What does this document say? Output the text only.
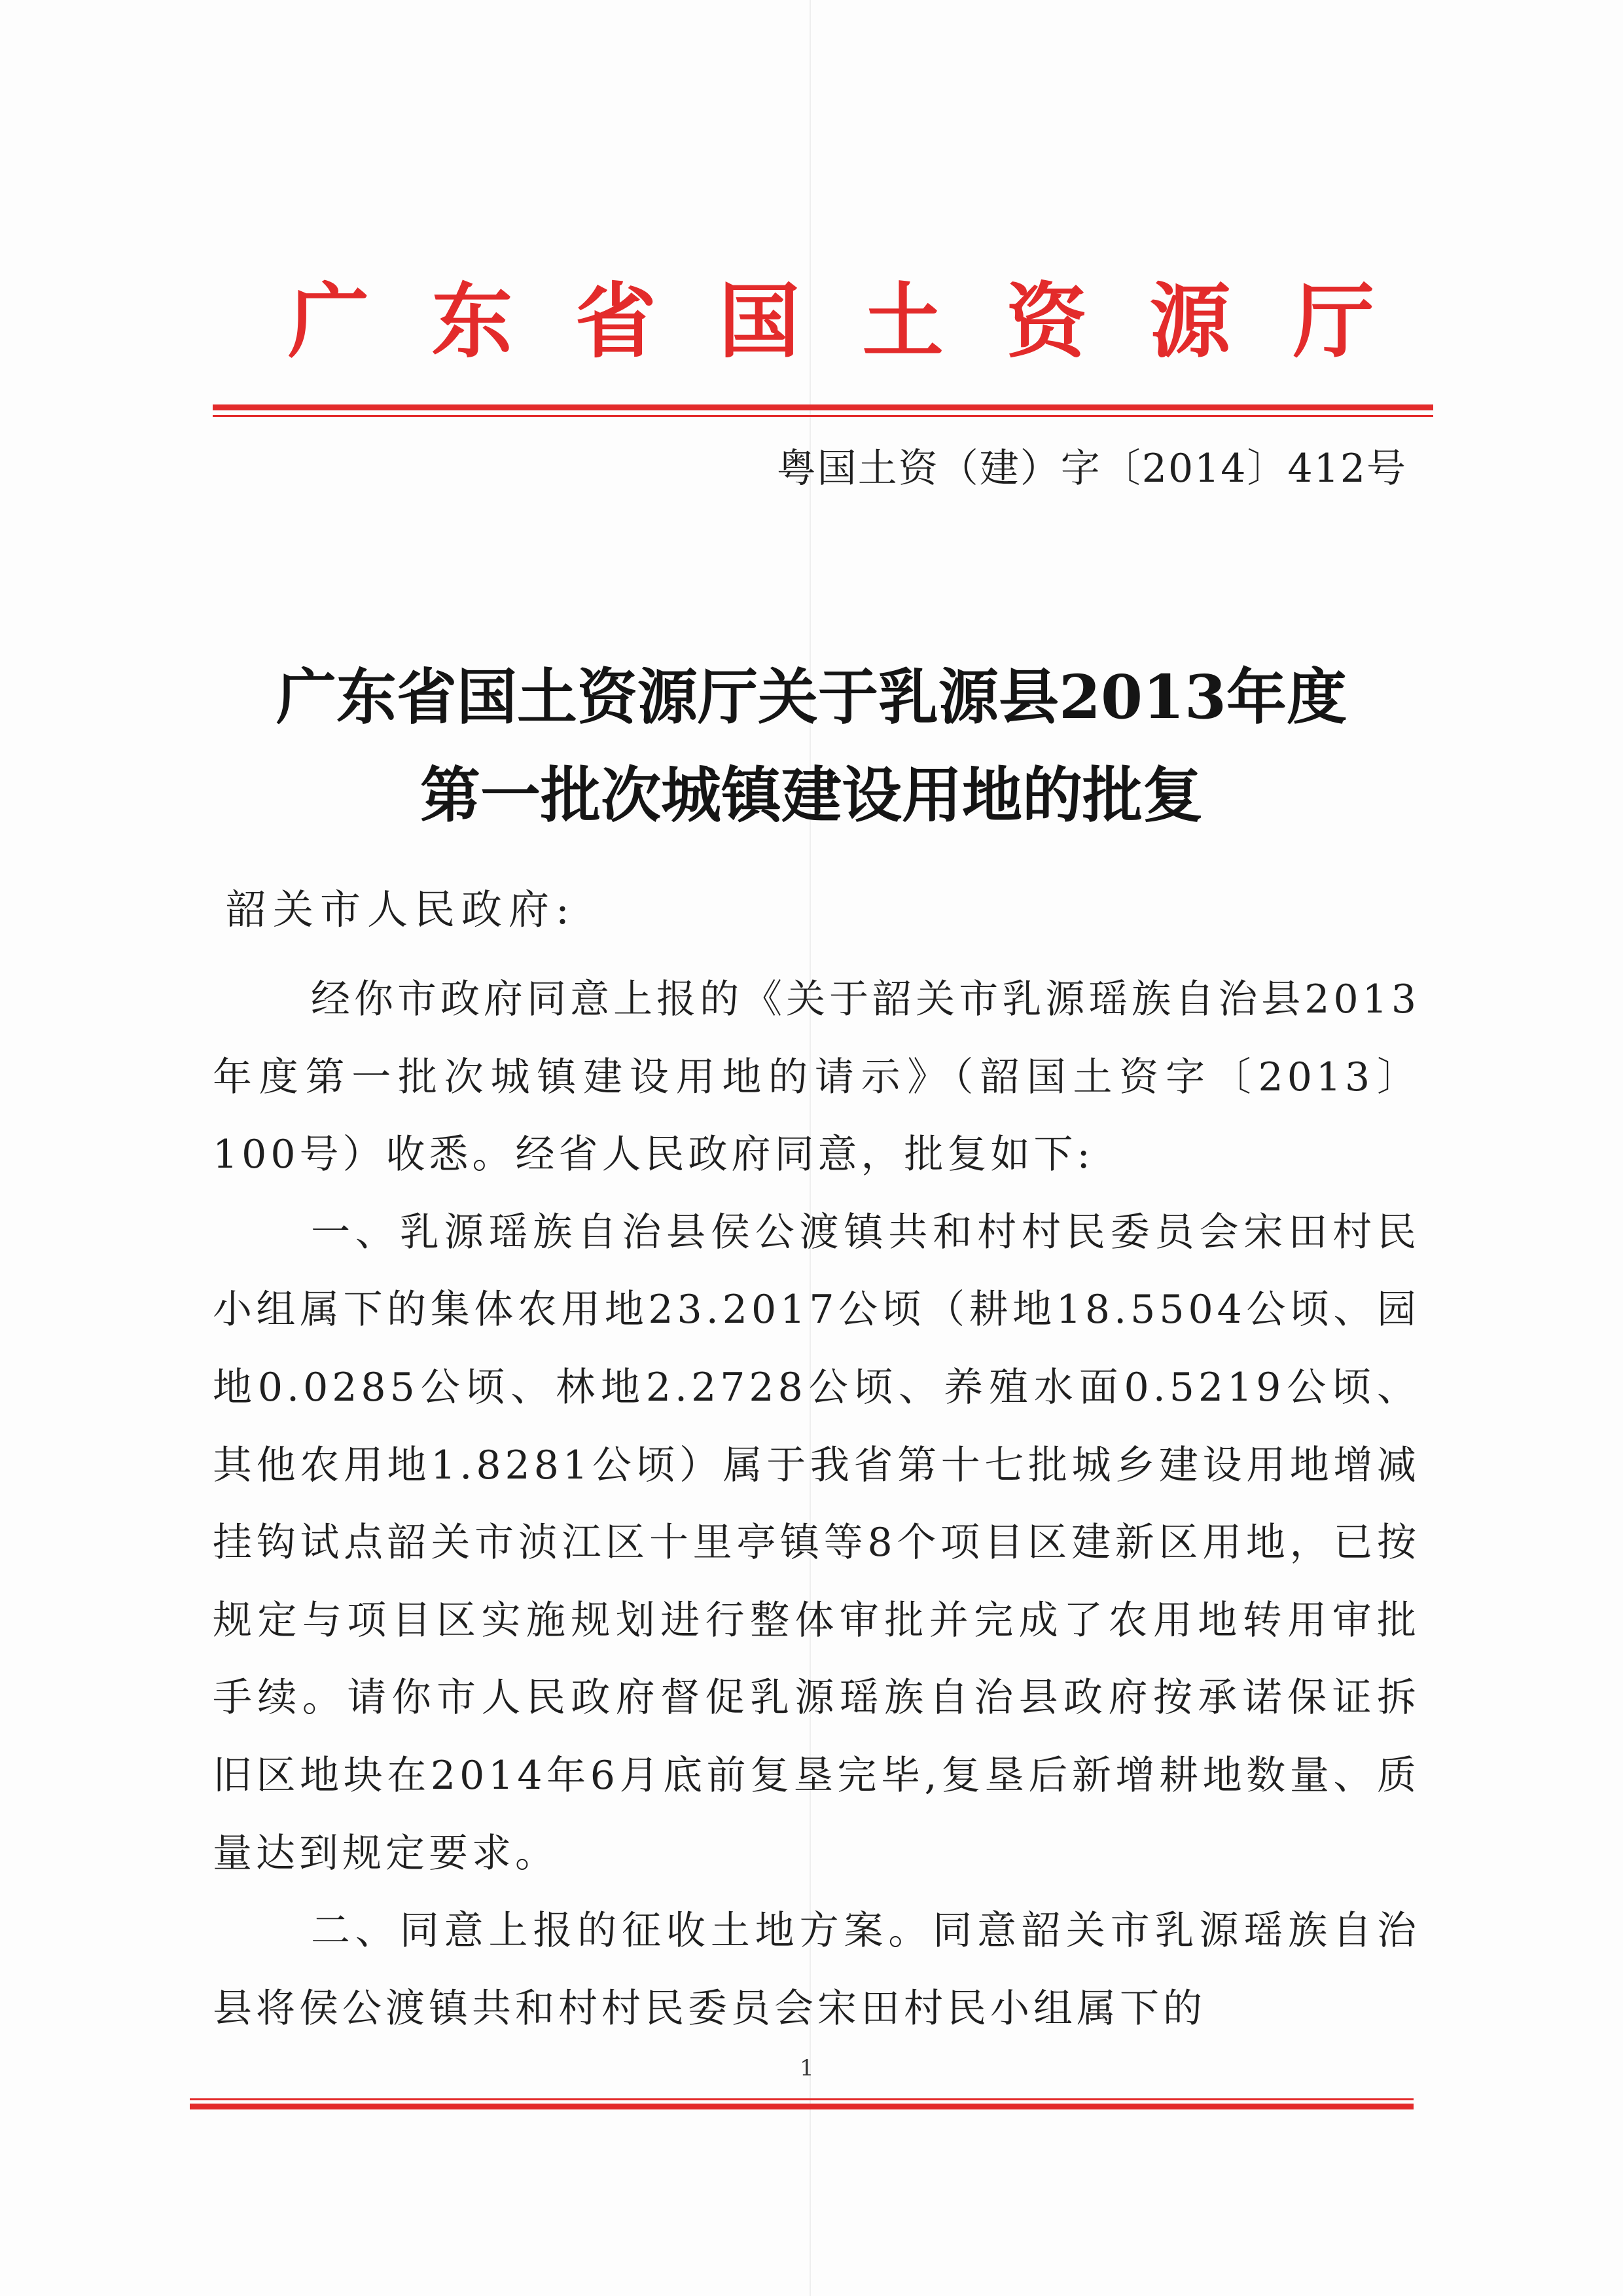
广 东 省 国 土 资 源 厅
粤国土资（建）字〔2014〕412号
广东省国土资源厅关于乳源县2013年度
第一批次城镇建设用地的批复
韶关市人民政府:

经你市政府同意上报的《关于韶关市乳源瑶族自治县2013年度第一批次城镇建设用地的请示》（韶国土资字〔2013〕100号）收悉。经省人民政府同意，批复如下:

一、乳源瑶族自治县侯公渡镇共和村村民委员会宋田村民小组属下的集体农用地23.2017公顷（耕地18.5504公顷、园地0.0285公顷、林地2.2728公顷、养殖水面0.5219公顷、其他农用地1.8281公顷）属于我省第十七批城乡建设用地增减挂钩试点韶关市浈江区十里亭镇等8个项目区建新区用地，已按规定与项目区实施规划进行整体审批并完成了农用地转用审批手续。请你市人民政府督促乳源瑶族自治县政府按承诺保证拆旧区地块在2014年6月底前复垦完毕,复垦后新增耕地数量、质量达到规定要求。

二、同意上报的征收土地方案。同意韶关市乳源瑶族自治县将侯公渡镇共和村村民委员会宋田村民小组属下的

1
